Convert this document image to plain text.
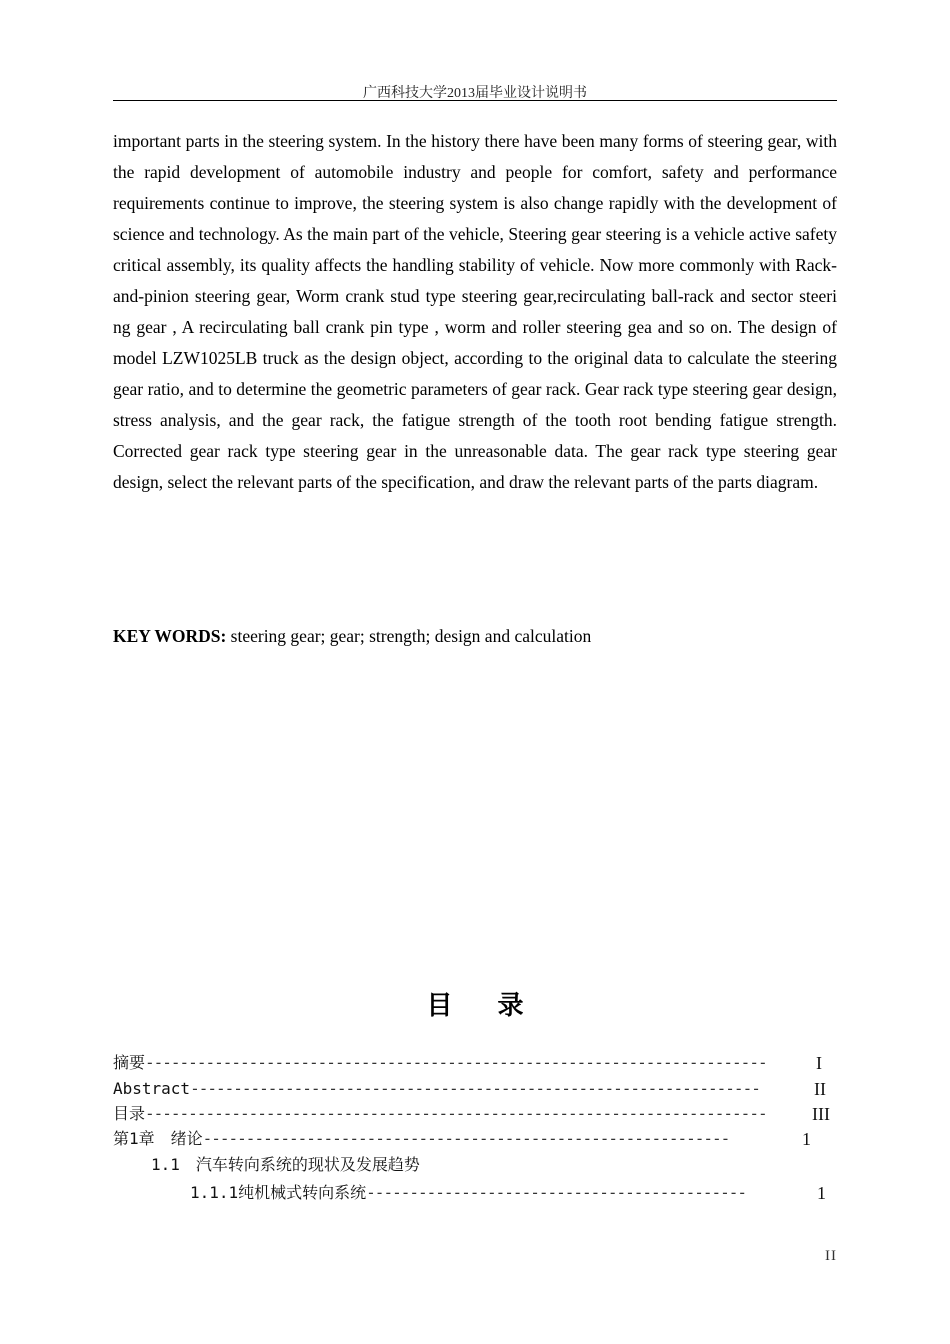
广西科技大学2013届毕业设计说明书

important parts in the steering system. In the history there have been many forms of steering gear, with the rapid development of automobile industry and people for comfort, safety and performance requirements continue to improve, the steering system is also change rapidly with the development of science and technology. As the main part of the vehicle, Steering gear steering is a vehicle active safety critical assembly, its quality affects the handling stability of vehicle. Now more commonly with Rack-and-pinion steering gear, Worm crank stud type steering gear,recirculating ball-rack and sector steeri ng gear , A recirculating ball crank pin type , worm and roller steering gea and so on. The design of model LZW1025LB truck as the design object, according to the original data to calculate the steering gear ratio, and to determine the geometric parameters of gear rack. Gear rack type steering gear design, stress analysis, and the gear rack, the fatigue strength of the tooth root bending fatigue strength. Corrected gear rack type steering gear in the unreasonable data. The gear rack type steering gear design, select the relevant parts of the specification, and draw the relevant parts of the parts diagram.

KEY WORDS: steering gear; gear; strength; design and calculation

目 录
摘要------------------------------------------------------------------------	I
Abstract------------------------------------------------------------------	II
目录------------------------------------------------------------------------	III
第1章　绪论-------------------------------------------------------------	1
1.1　汽车转向系统的现状及发展趋势
1.1.1纯机械式转向系统--------------------------------------------	1
II
